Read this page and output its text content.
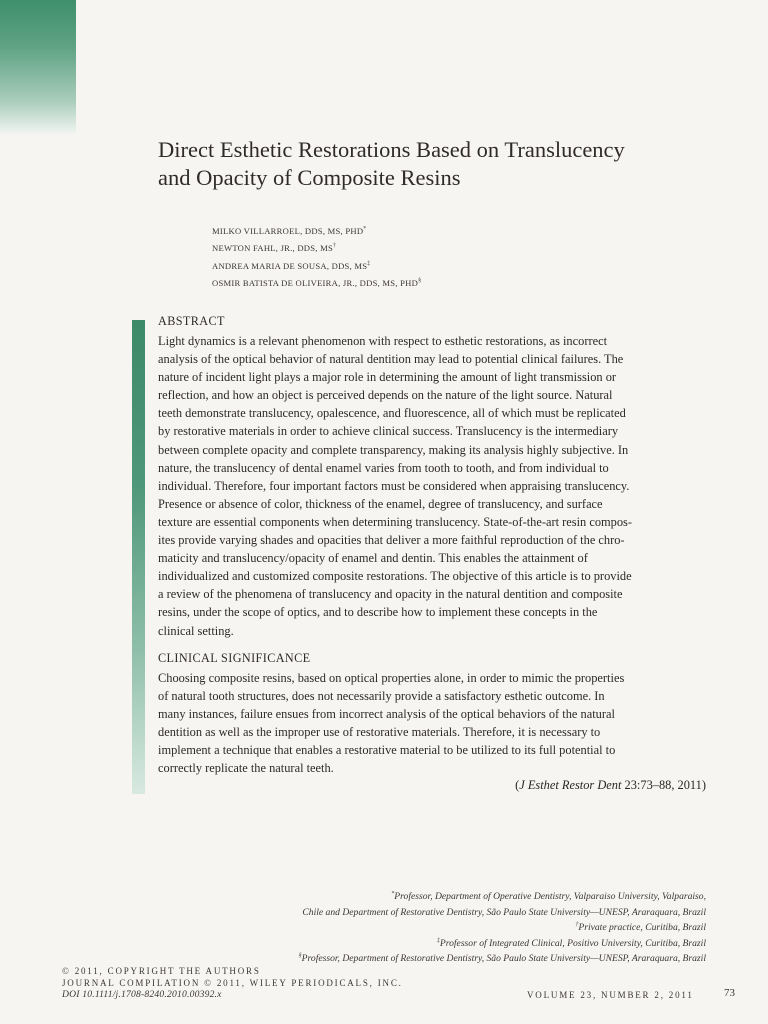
Direct Esthetic Restorations Based on Translucency
and Opacity of Composite Resins
MILKO VILLARROEL, DDS, MS, PHD*
NEWTON FAHL, JR., DDS, MS†
ANDREA MARIA DE SOUSA, DDS, MS‡
OSMIR BATISTA DE OLIVEIRA, JR., DDS, MS, PHD§
ABSTRACT
Light dynamics is a relevant phenomenon with respect to esthetic restorations, as incorrect
analysis of the optical behavior of natural dentition may lead to potential clinical failures. The
nature of incident light plays a major role in determining the amount of light transmission or
reflection, and how an object is perceived depends on the nature of the light source. Natural
teeth demonstrate translucency, opalescence, and fluorescence, all of which must be replicated
by restorative materials in order to achieve clinical success. Translucency is the intermediary
between complete opacity and complete transparency, making its analysis highly subjective. In
nature, the translucency of dental enamel varies from tooth to tooth, and from individual to
individual. Therefore, four important factors must be considered when appraising translucency.
Presence or absence of color, thickness of the enamel, degree of translucency, and surface
texture are essential components when determining translucency. State-of-the-art resin compos-
ites provide varying shades and opacities that deliver a more faithful reproduction of the chro-
maticity and translucency/opacity of enamel and dentin. This enables the attainment of
individualized and customized composite restorations. The objective of this article is to provide
a review of the phenomena of translucency and opacity in the natural dentition and composite
resins, under the scope of optics, and to describe how to implement these concepts in the
clinical setting.
CLINICAL SIGNIFICANCE
Choosing composite resins, based on optical properties alone, in order to mimic the properties
of natural tooth structures, does not necessarily provide a satisfactory esthetic outcome. In
many instances, failure ensues from incorrect analysis of the optical behaviors of the natural
dentition as well as the improper use of restorative materials. Therefore, it is necessary to
implement a technique that enables a restorative material to be utilized to its full potential to
correctly replicate the natural teeth.
(J Esthet Restor Dent 23:73–88, 2011)
*Professor, Department of Operative Dentistry, Valparaiso University, Valparaiso,
Chile and Department of Restorative Dentistry, São Paulo State University—UNESP, Araraquara, Brazil
†Private practice, Curitiba, Brazil
‡Professor of Integrated Clinical, Positivo University, Curitiba, Brazil
§Professor, Department of Restorative Dentistry, São Paulo State University—UNESP, Araraquara, Brazil
© 2011, COPYRIGHT THE AUTHORS
JOURNAL COMPILATION © 2011, WILEY PERIODICALS, INC.
DOI 10.1111/j.1708-8240.2010.00392.x	VOLUME 23, NUMBER 2, 2011	73
